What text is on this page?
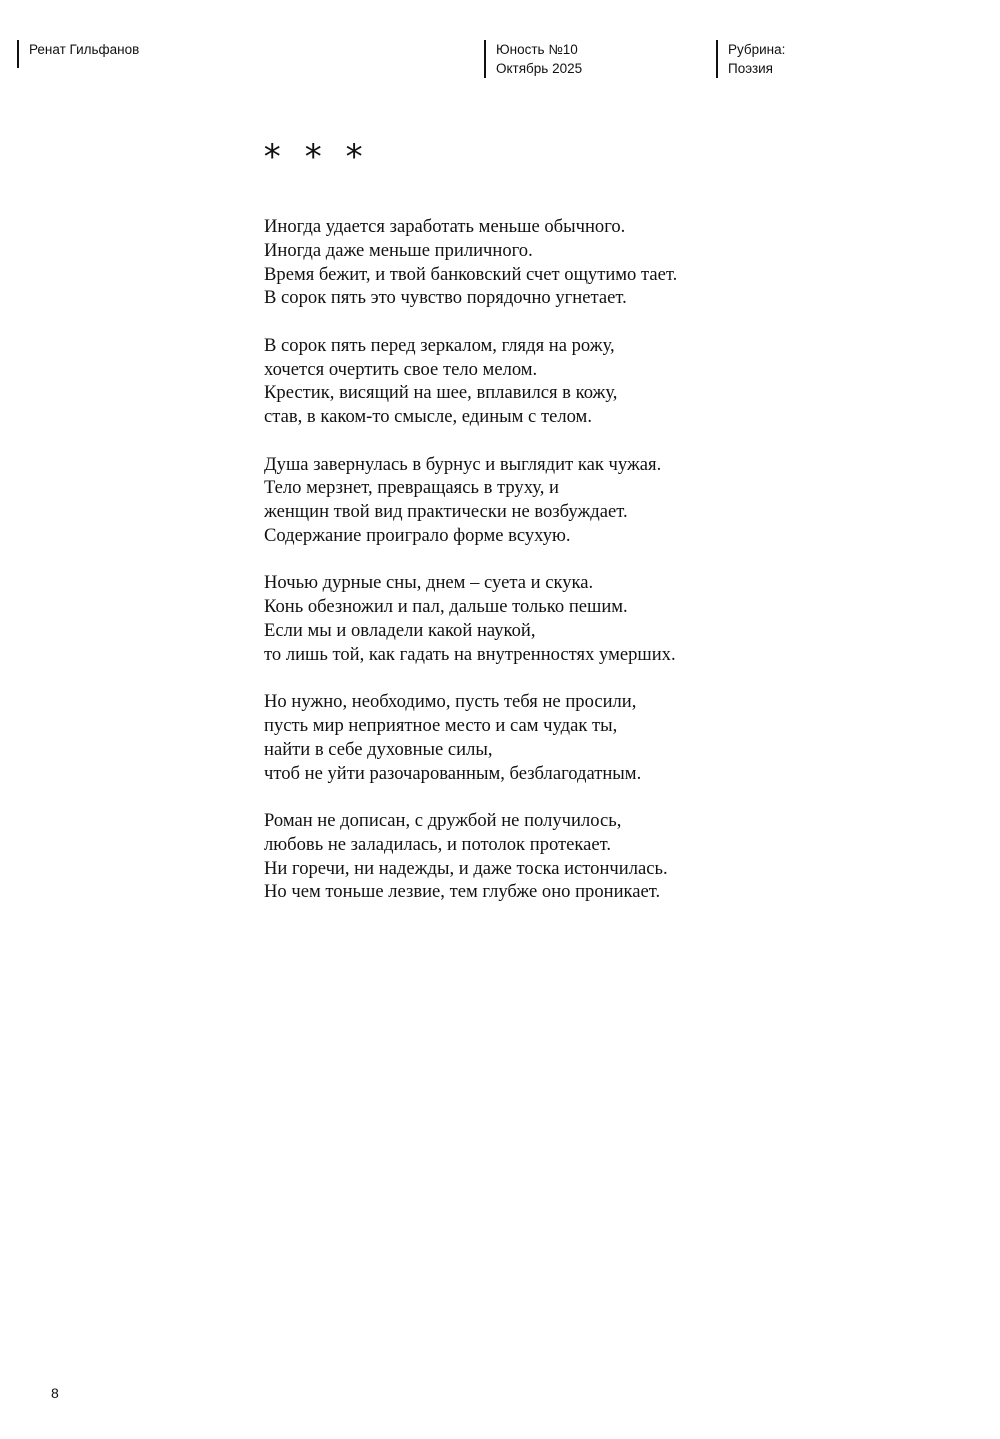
Ренат Гильфанов	Юность №10
Октябрь 2025
Рубрина:
Поэзия
* * *
Иногда удается заработать меньше обычного.
Иногда даже меньше приличного.
Время бежит, и твой банковский счет ощутимо тает.
В сорок пять это чувство порядочно угнетает.
В сорок пять перед зеркалом, глядя на рожу,
хочется очертить свое тело мелом.
Крестик, висящий на шее, вплавился в кожу,
став, в каком-то смысле, единым с телом.
Душа завернулась в бурнус и выглядит как чужая.
Тело мерзнет, превращаясь в труху, и
женщин твой вид практически не возбуждает.
Содержание проиграло форме всухую.
Ночью дурные сны, днем – суета и скука.
Конь обезножил и пал, дальше только пешим.
Если мы и овладели какой наукой,
то лишь той, как гадать на внутренностях умерших.
Но нужно, необходимо, пусть тебя не просили,
пусть мир неприятное место и сам чудак ты,
найти в себе духовные силы,
чтоб не уйти разочарованным, безблагодатным.
Роман не дописан, с дружбой не получилось,
любовь не заладилась, и потолок протекает.
Ни горечи, ни надежды, и даже тоска истончилась.
Но чем тоньше лезвие, тем глубже оно проникает.
8
